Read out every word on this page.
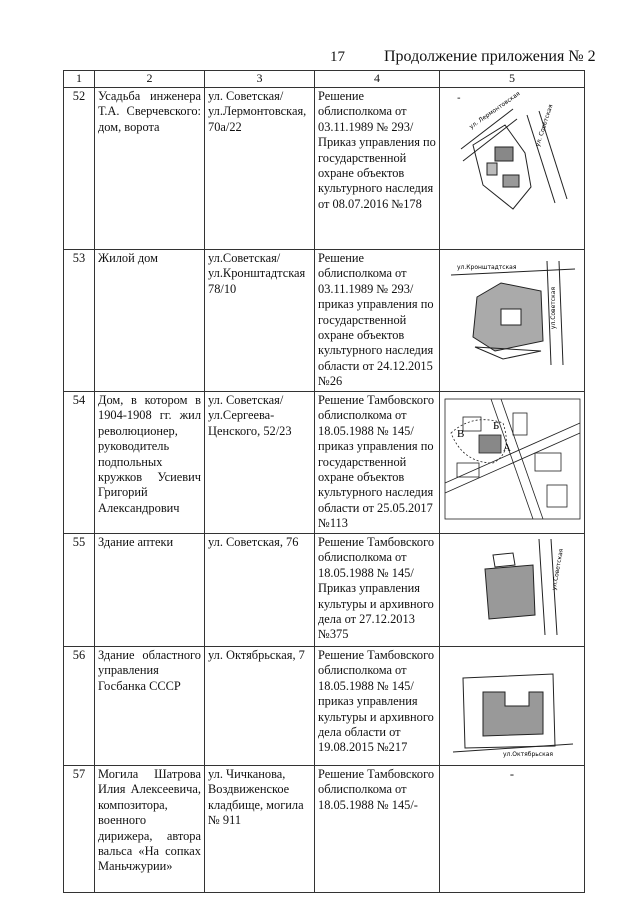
17 Продолжение приложения № 2
1	2	3	4	5
52	Усадьба инженера Т.А. Сверчевского: дом, ворота	ул. Советская/ ул.Лермонтовская, 70а/22	Решение облисполкома от 03.11.1989 № 293/Приказ управления по государственной охране объектов культурного наследия от 08.07.2016 №178	- ул. Лермонтовская ул. Советская

53	Жилой дом	ул.Советская/ ул.Кронштадтская 78/10	Решение облисполкома от 03.11.1989 № 293/ приказ управления по государственной охране объектов культурного наследия области от 24.12.2015 №26	ул.Кронштадтская
ул.Советская

54	Дом, в котором в 1904-1908 гг. жил революционер, руководитель подпольных кружков Усиевич Григорий Александрович	ул. Советская/ ул.Сергеева-Ценского, 52/23	Решение Тамбовского облисполкома от 18.05.1988 № 145/ приказ управления по государственной охране объектов культурного наследия области от 25.05.2017 №113	В
Б
А

55	Здание аптеки	ул. Советская, 76	Решение Тамбовского облисполкома от 18.05.1988 № 145/Приказ управления культуры и архивного дела от 27.12.2013 №375	ул.Советская

56	Здание областного управления Госбанка СССР	ул. Октябрьская, 7	Решение Тамбовского облисполкома от 18.05.1988 № 145/ приказ управления культуры и архивного дела области от 19.08.2015 №217	ул.Октябрьская

57	Могила Шатрова Илия Алексеевича, композитора, военного дирижера, автора вальса «На сопках Маньчжурии»	ул. Чичканова, Воздвиженское кладбище, могила № 911	Решение Тамбовского облисполкома от 18.05.1988 № 145/-	-
